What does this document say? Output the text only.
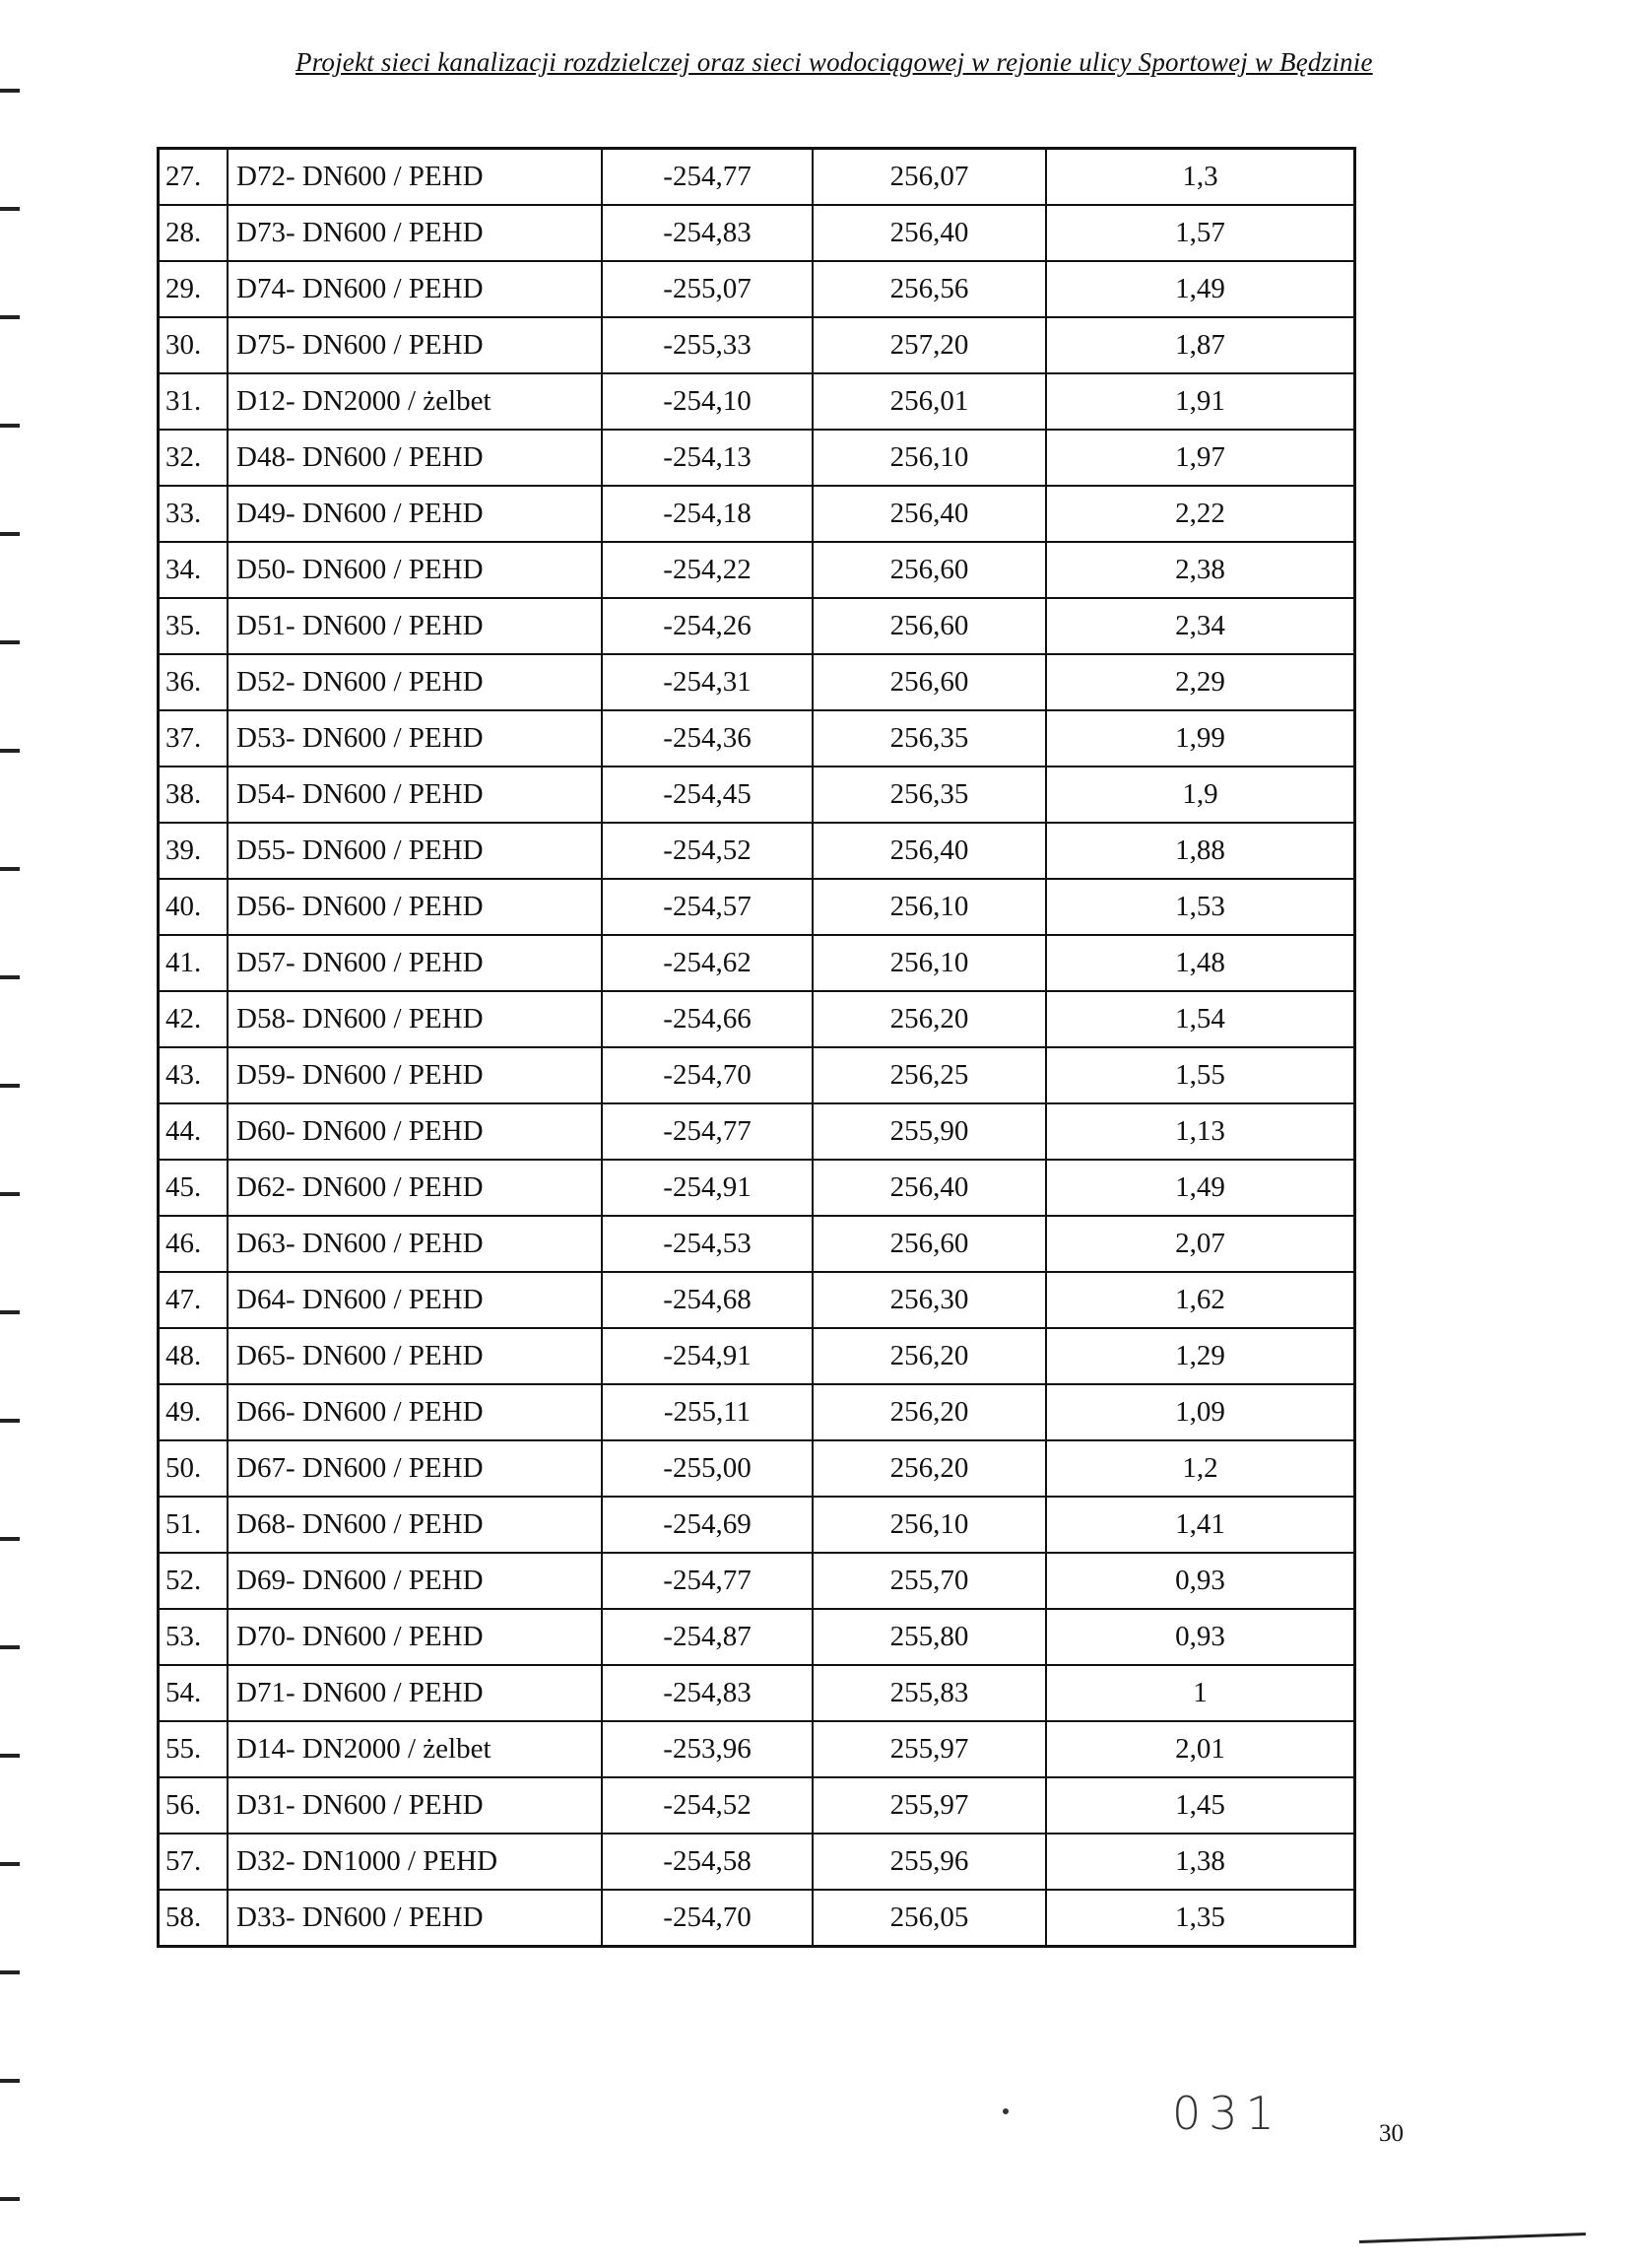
Projekt sieci kanalizacji rozdzielczej oraz sieci wodociągowej w rejonie ulicy Sportowej w Będzinie
27.	D72- DN600 / PEHD	-254,77	256,07	1,3
28.	D73- DN600 / PEHD	-254,83	256,40	1,57
29.	D74- DN600 / PEHD	-255,07	256,56	1,49
30.	D75- DN600 / PEHD	-255,33	257,20	1,87
31.	D12- DN2000 / żelbet	-254,10	256,01	1,91
32.	D48- DN600 / PEHD	-254,13	256,10	1,97
33.	D49- DN600 / PEHD	-254,18	256,40	2,22
34.	D50- DN600 / PEHD	-254,22	256,60	2,38
35.	D51- DN600 / PEHD	-254,26	256,60	2,34
36.	D52- DN600 / PEHD	-254,31	256,60	2,29
37.	D53- DN600 / PEHD	-254,36	256,35	1,99
38.	D54- DN600 / PEHD	-254,45	256,35	1,9
39.	D55- DN600 / PEHD	-254,52	256,40	1,88
40.	D56- DN600 / PEHD	-254,57	256,10	1,53
41.	D57- DN600 / PEHD	-254,62	256,10	1,48
42.	D58- DN600 / PEHD	-254,66	256,20	1,54
43.	D59- DN600 / PEHD	-254,70	256,25	1,55
44.	D60- DN600 / PEHD	-254,77	255,90	1,13
45.	D62- DN600 / PEHD	-254,91	256,40	1,49
46.	D63- DN600 / PEHD	-254,53	256,60	2,07
47.	D64- DN600 / PEHD	-254,68	256,30	1,62
48.	D65- DN600 / PEHD	-254,91	256,20	1,29
49.	D66- DN600 / PEHD	-255,11	256,20	1,09
50.	D67- DN600 / PEHD	-255,00	256,20	1,2
51.	D68- DN600 / PEHD	-254,69	256,10	1,41
52.	D69- DN600 / PEHD	-254,77	255,70	0,93
53.	D70- DN600 / PEHD	-254,87	255,80	0,93
54.	D71- DN600 / PEHD	-254,83	255,83	1
55.	D14- DN2000 / żelbet	-253,96	255,97	2,01
56.	D31- DN600 / PEHD	-254,52	255,97	1,45
57.	D32- DN1000 / PEHD	-254,58	255,96	1,38
58.	D33- DN600 / PEHD	-254,70	256,05	1,35
031	30
